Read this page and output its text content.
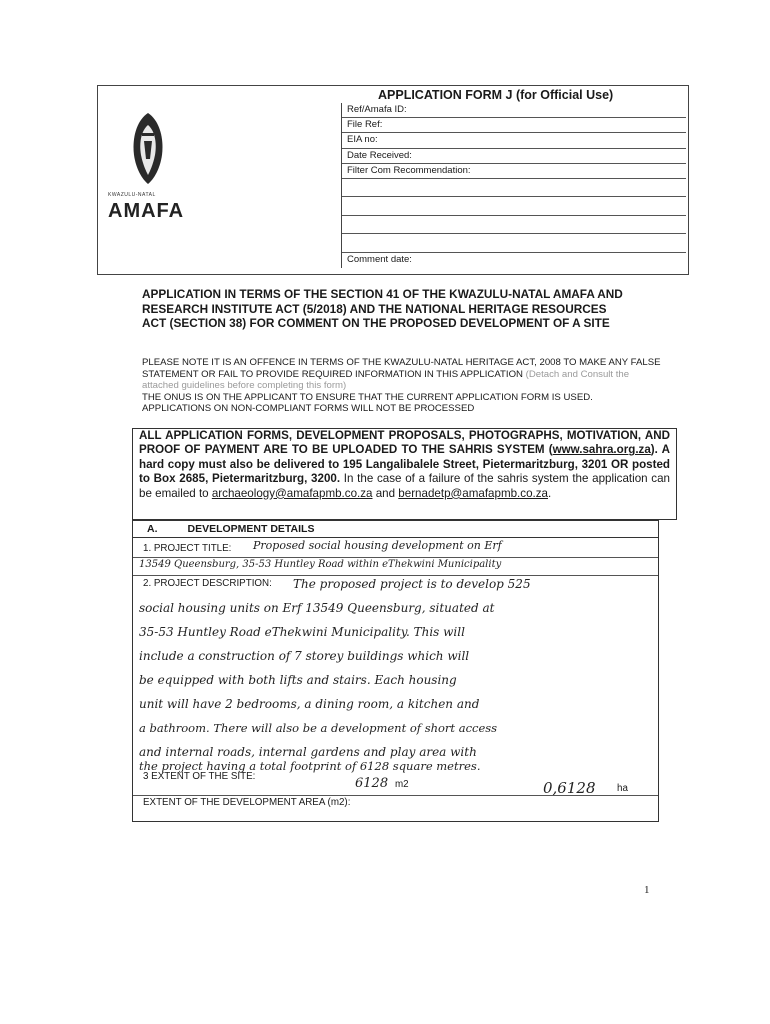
KWAZULU-NATAL
AMAFA
APPLICATION FORM J (for Official Use)
Ref/Amafa ID:
File Ref:
EIA no:
Date Received:
Filter Com Recommendation:
Comment date:
APPLICATION IN TERMS OF THE SECTION 41 OF THE KWAZULU-NATAL AMAFA AND RESEARCH INSTITUTE ACT (5/2018) AND THE NATIONAL HERITAGE RESOURCES ACT (SECTION 38) FOR COMMENT ON THE PROPOSED DEVELOPMENT OF A SITE
PLEASE NOTE IT IS AN OFFENCE IN TERMS OF THE KWAZULU-NATAL HERITAGE ACT, 2008 TO MAKE ANY FALSE STATEMENT OR FAIL TO PROVIDE REQUIRED INFORMATION IN THIS APPLICATION (Detach and Consult the attached guidelines before completing this form)
THE ONUS IS ON THE APPLICANT TO ENSURE THAT THE CURRENT APPLICATION FORM IS USED. APPLICATIONS ON NON-COMPLIANT FORMS WILL NOT BE PROCESSED
ALL APPLICATION FORMS, DEVELOPMENT PROPOSALS, PHOTOGRAPHS, MOTIVATION, AND PROOF OF PAYMENT ARE TO BE UPLOADED TO THE SAHRIS SYSTEM (www.sahra.org.za). A hard copy must also be delivered to 195 Langalibalele Street, Pietermaritzburg, 3201 OR posted to Box 2685, Pietermaritzburg, 3200. In the case of a failure of the sahris system the application can be emailed to archaeology@amafapmb.co.za and bernadetp@amafapmb.co.za.
A.	DEVELOPMENT DETAILS
1. PROJECT TITLE: Proposed social housing development on Erf
13549 Queensburg, 35-53 Huntley Road within eThekwini Municipality
2. PROJECT DESCRIPTION: The proposed project is to develop 525
social housing units on Erf 13549 Queensburg, situated at
35-53 Huntley Road eThekwini Municipality. This will
include a construction of 7 storey buildings which will
be equipped with both lifts and stairs. Each housing
unit will have 2 bedrooms, a dining room, a kitchen and
a bathroom. There will also be a development of short access
and internal roads, internal gardens and play area with
the project having a total footprint of 6128 square metres.
3 EXTENT OF THE SITE:	6128 m2	0,6128 ha
EXTENT OF THE DEVELOPMENT AREA (m2):
1
